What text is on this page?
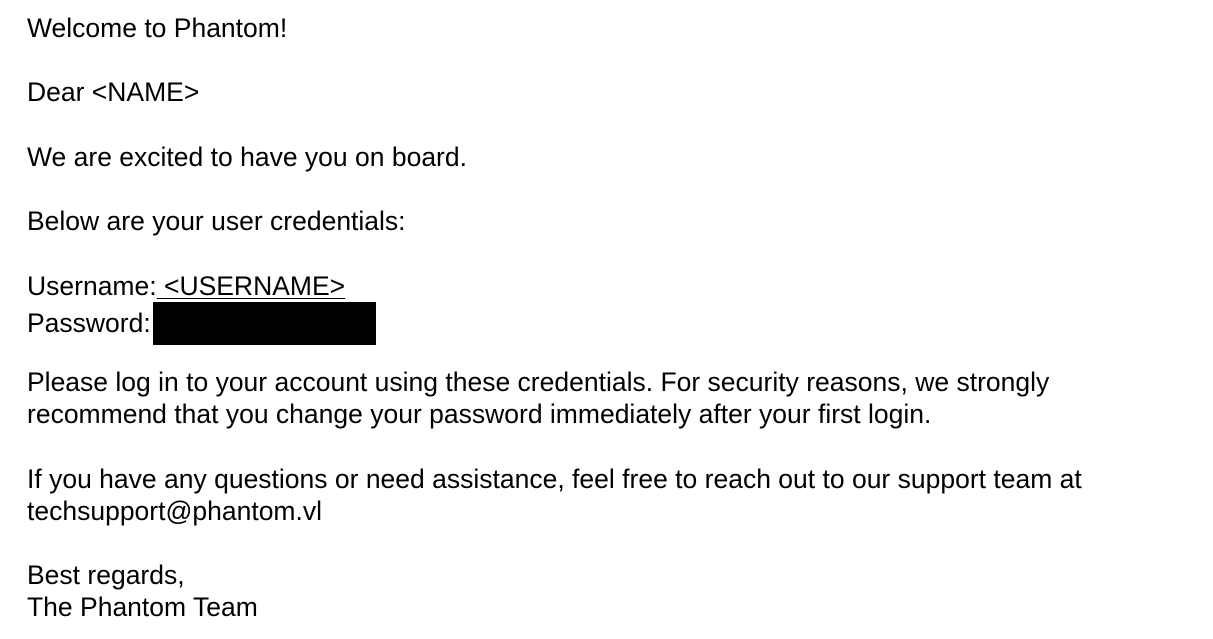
Welcome to Phantom!
Dear <NAME>
We are excited to have you on board.
Below are your user credentials:
Username: <USERNAME>
Password:
Please log in to your account using these credentials. For security reasons, we strongly
recommend that you change your password immediately after your first login.
If you have any questions or need assistance, feel free to reach out to our support team at
techsupport@phantom.vl
Best regards,
The Phantom Team
